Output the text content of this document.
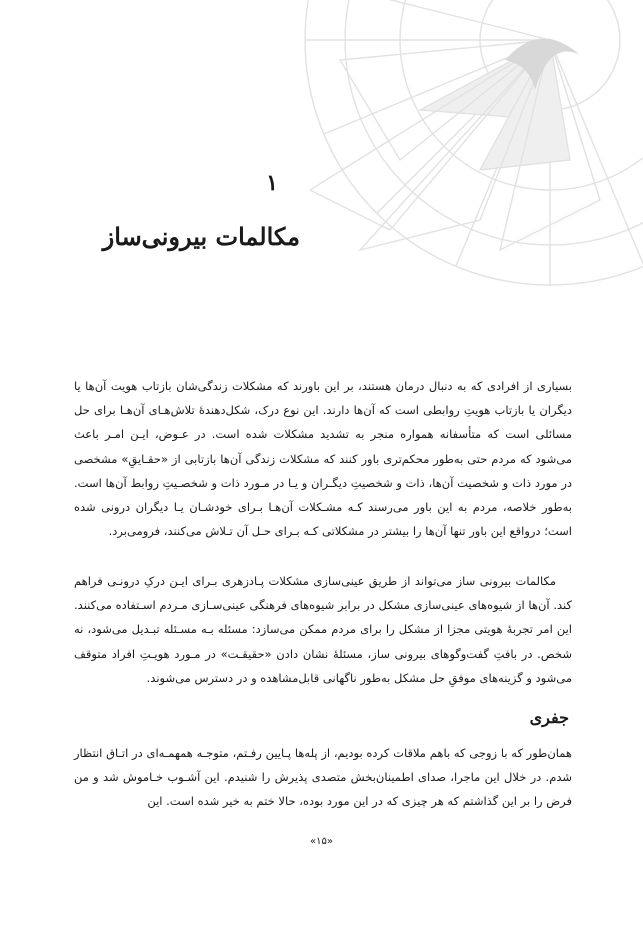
۱
مکالمات بیرونی‌ساز

بسیاری از افرادی که به دنبال درمان هستند، بر این باورند که مشکلات زندگی‌شان بازتاب هویت آن‌ها یا دیگران یا بازتاب هویتِ روابطی است که آن‌ها دارند. این نوع درک، شکل‌دهندهٔ تلاش‌هـای آن‌هـا برای حل مسائلی است که متأسفانه همواره منجر به تشدید مشکلات شده است. در عـوض، ایـن امـر باعث می‌شود که مردم حتی به‌طور محکم‌تری باور کنند که مشکلات زندگی آن‌ها بازتابی از «حقـایقِ» مشخصی در مورد ذات و شخصیت آن‌ها، ذات و شخصیتِ دیگـران و یـا در مـورد ذات و شخصـیتِ روابط آن‌ها است. به‌طور خلاصه، مردم به این باور می‌رسند کـه مشـکلات آن‌هـا بـرای خودشـان یـا دیگران درونی شده است؛ درواقع این باور تنها آن‌ها را بیشتر در مشکلاتی کـه بـرای حـل آن تـلاش می‌کنند، فرومی‌برد.

مکالمات بیرونی ساز می‌تواند از طریق عینی‌سازی مشکلات پـادزهری بـرای ایـن درکِ درونـی فراهم کند. آن‌ها از شیوه‌های عینی‌سازی مشکل در برابر شیوه‌های فرهنگی عینی‌سـازی مـردم اسـتفاده می‌کنند. این امر تجربهٔ هویتی مجزا از مشکل را برای مردم ممکن می‌سازد: مسئله بـه مسـئله تبـدیل می‌شود، نه شخص. در بافتِ گفت‌وگوهای بیرونی ساز، مسئلهٔ نشان دادن «حقیقـت» در مـورد هویـتِ افراد متوقف می‌شود و گزینه‌های موفقِ حل مشکل به‌طور ناگهانی قابل‌مشاهده و در دسترس می‌شوند.

جفری

همان‌طور که با زوجی که باهم ملاقات کرده بودیم، از پله‌ها پـایین رفـتم، متوجـه همهمـه‌ای در اتـاق انتظار شدم. در خلال این ماجرا، صدای اطمینان‌بخش متصدی پذیرش را شنیدم. این آشـوب خـاموش شد و من فرض را بر این گذاشتم که هر چیزی که در این مورد بوده، حالا ختم به خیر شده است. این

«۱۵»
